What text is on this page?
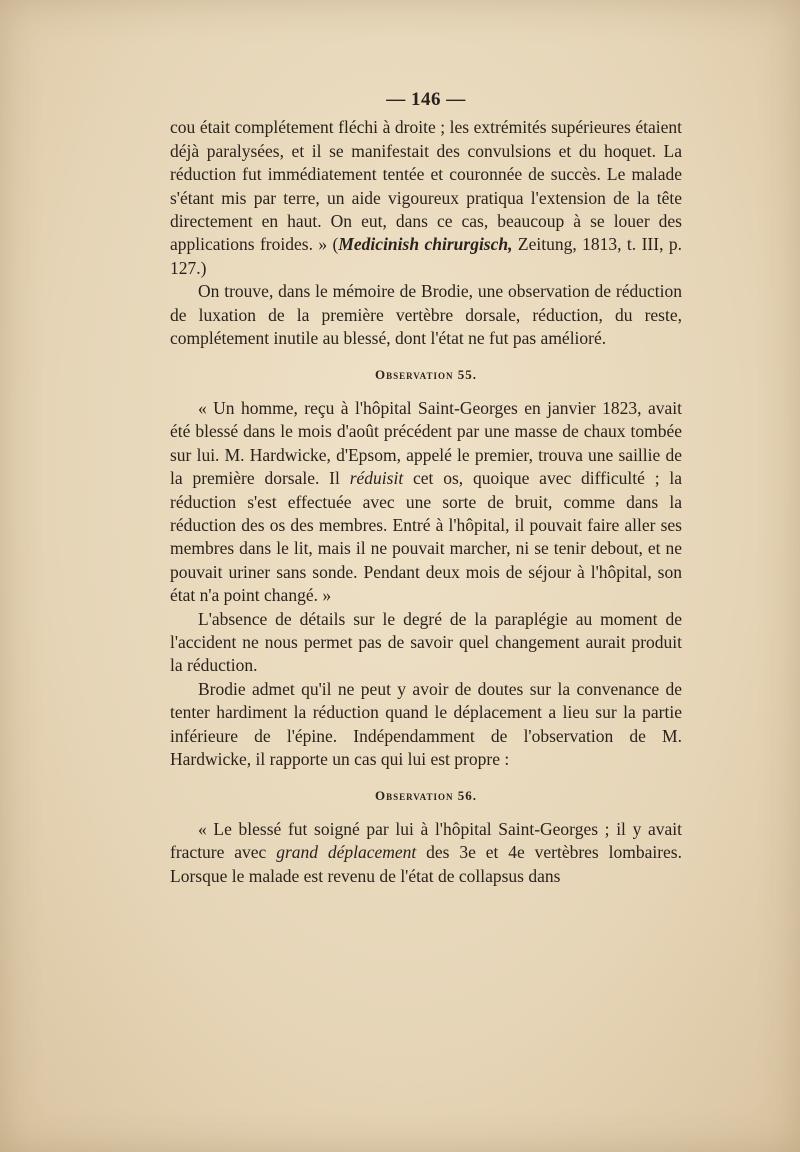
— 146 —

cou était complétement fléchi à droite ; les extrémités supérieures étaient déjà paralysées, et il se manifestait des convulsions et du hoquet. La réduction fut immédiatement tentée et couronnée de succès. Le malade s'étant mis par terre, un aide vigoureux pratiqua l'extension de la tête directement en haut. On eut, dans ce cas, beaucoup à se louer des applications froides. » (Medicinish chirurgisch, Zeitung, 1813, t. III, p. 127.)

On trouve, dans le mémoire de Brodie, une observation de réduction de luxation de la première vertèbre dorsale, réduction, du reste, complétement inutile au blessé, dont l'état ne fut pas amélioré.

Observation 55.

« Un homme, reçu à l'hôpital Saint-Georges en janvier 1823, avait été blessé dans le mois d'août précédent par une masse de chaux tombée sur lui. M. Hardwicke, d'Epsom, appelé le premier, trouva une saillie de la première dorsale. Il réduisit cet os, quoique avec difficulté ; la réduction s'est effectuée avec une sorte de bruit, comme dans la réduction des os des membres. Entré à l'hôpital, il pouvait faire aller ses membres dans le lit, mais il ne pouvait marcher, ni se tenir debout, et ne pouvait uriner sans sonde. Pendant deux mois de séjour à l'hôpital, son état n'a point changé. »

L'absence de détails sur le degré de la paraplégie au moment de l'accident ne nous permet pas de savoir quel changement aurait produit la réduction.

Brodie admet qu'il ne peut y avoir de doutes sur la convenance de tenter hardiment la réduction quand le déplacement a lieu sur la partie inférieure de l'épine. Indépendamment de l'observation de M. Hardwicke, il rapporte un cas qui lui est propre :

Observation 56.

« Le blessé fut soigné par lui à l'hôpital Saint-Georges ; il y avait fracture avec grand déplacement des 3e et 4e vertèbres lombaires. Lorsque le malade est revenu de l'état de collapsus dans
